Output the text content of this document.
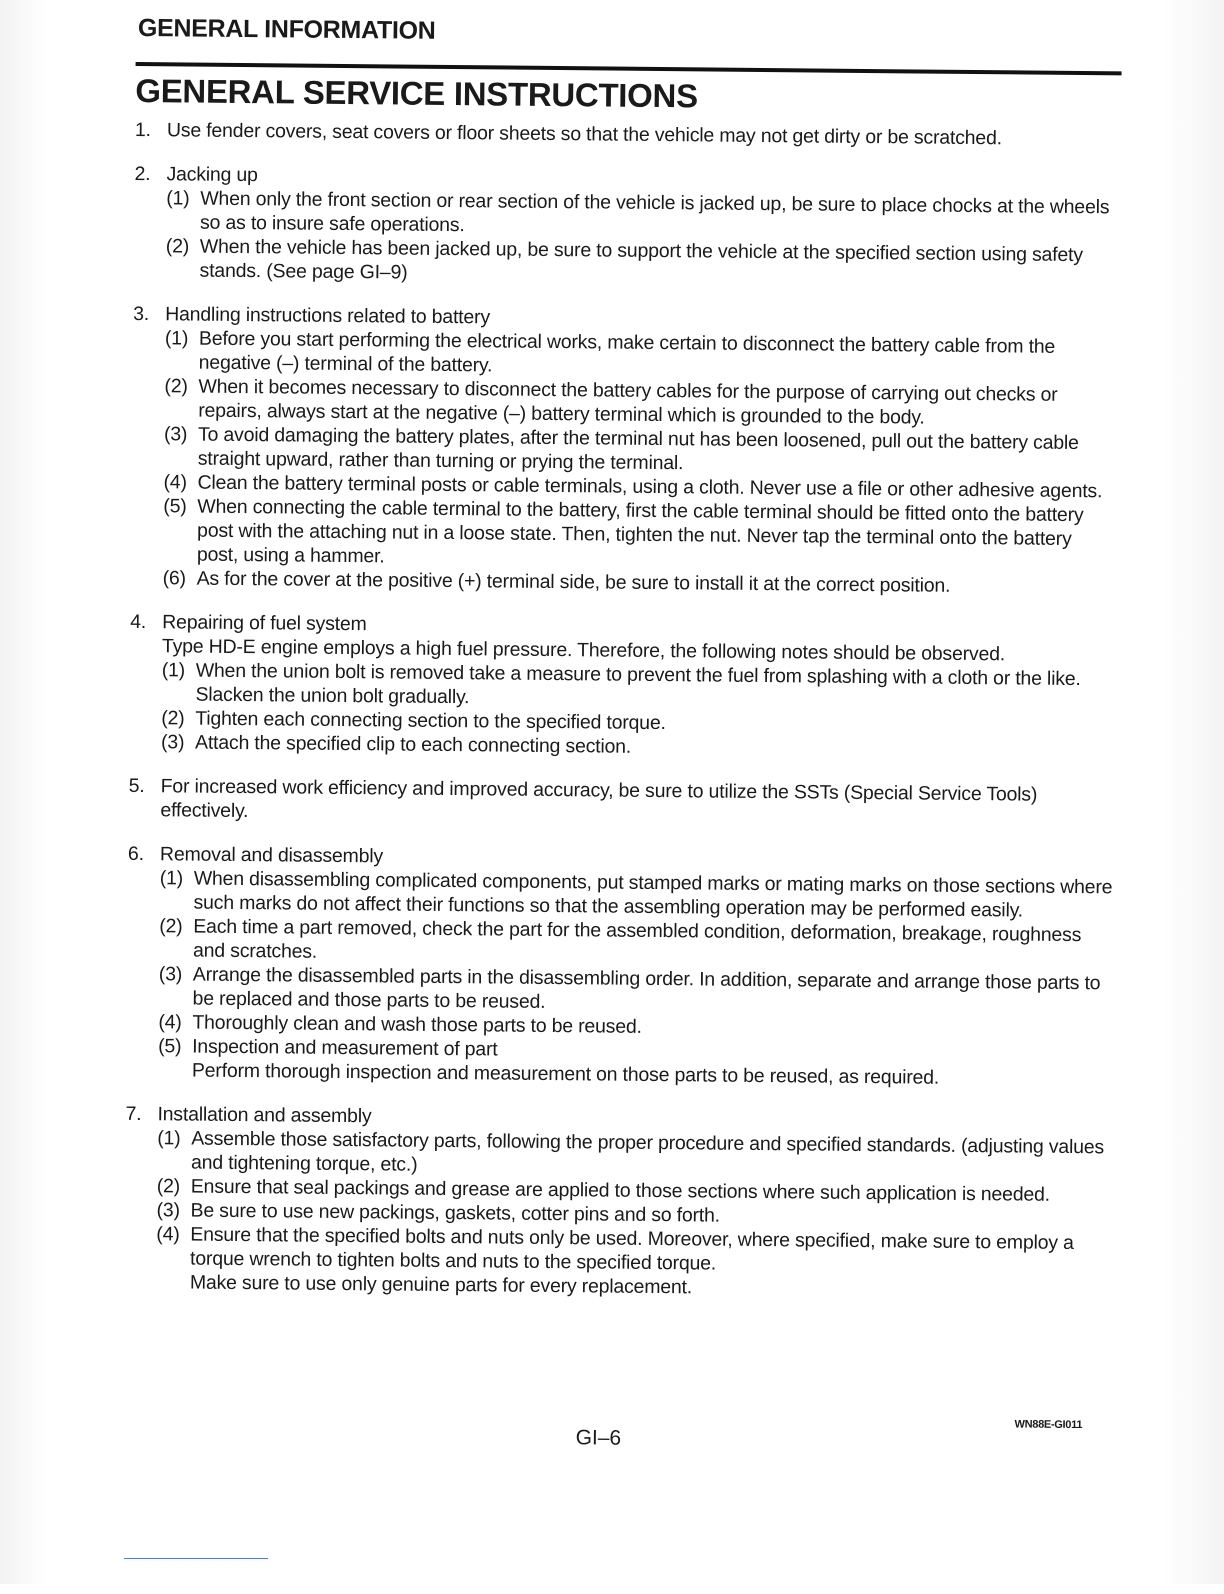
GENERAL INFORMATION
GENERAL SERVICE INSTRUCTIONS
1. Use fender covers, seat covers or floor sheets so that the vehicle may not get dirty or be scratched.
2. Jacking up
(1) When only the front section or rear section of the vehicle is jacked up, be sure to place chocks at the wheels so as to insure safe operations.
(2) When the vehicle has been jacked up, be sure to support the vehicle at the specified section using safety stands. (See page GI–9)
3. Handling instructions related to battery
(1) Before you start performing the electrical works, make certain to disconnect the battery cable from the negative (–) terminal of the battery.
(2) When it becomes necessary to disconnect the battery cables for the purpose of carrying out checks or repairs, always start at the negative (–) battery terminal which is grounded to the body.
(3) To avoid damaging the battery plates, after the terminal nut has been loosened, pull out the battery cable straight upward, rather than turning or prying the terminal.
(4) Clean the battery terminal posts or cable terminals, using a cloth. Never use a file or other adhesive agents.
(5) When connecting the cable terminal to the battery, first the cable terminal should be fitted onto the battery post with the attaching nut in a loose state. Then, tighten the nut. Never tap the terminal onto the battery post, using a hammer.
(6) As for the cover at the positive (+) terminal side, be sure to install it at the correct position.
4. Repairing of fuel system
Type HD-E engine employs a high fuel pressure. Therefore, the following notes should be observed.
(1) When the union bolt is removed take a measure to prevent the fuel from splashing with a cloth or the like. Slacken the union bolt gradually.
(2) Tighten each connecting section to the specified torque.
(3) Attach the specified clip to each connecting section.
5. For increased work efficiency and improved accuracy, be sure to utilize the SSTs (Special Service Tools) effectively.
6. Removal and disassembly
(1) When disassembling complicated components, put stamped marks or mating marks on those sections where such marks do not affect their functions so that the assembling operation may be performed easily.
(2) Each time a part removed, check the part for the assembled condition, deformation, breakage, roughness and scratches.
(3) Arrange the disassembled parts in the disassembling order. In addition, separate and arrange those parts to be replaced and those parts to be reused.
(4) Thoroughly clean and wash those parts to be reused.
(5) Inspection and measurement of part
Perform thorough inspection and measurement on those parts to be reused, as required.
7. Installation and assembly
(1) Assemble those satisfactory parts, following the proper procedure and specified standards. (adjusting values and tightening torque, etc.)
(2) Ensure that seal packings and grease are applied to those sections where such application is needed.
(3) Be sure to use new packings, gaskets, cotter pins and so forth.
(4) Ensure that the specified bolts and nuts only be used. Moreover, where specified, make sure to employ a torque wrench to tighten bolts and nuts to the specified torque.
Make sure to use only genuine parts for every replacement.
WN88E-GI011
GI–6
